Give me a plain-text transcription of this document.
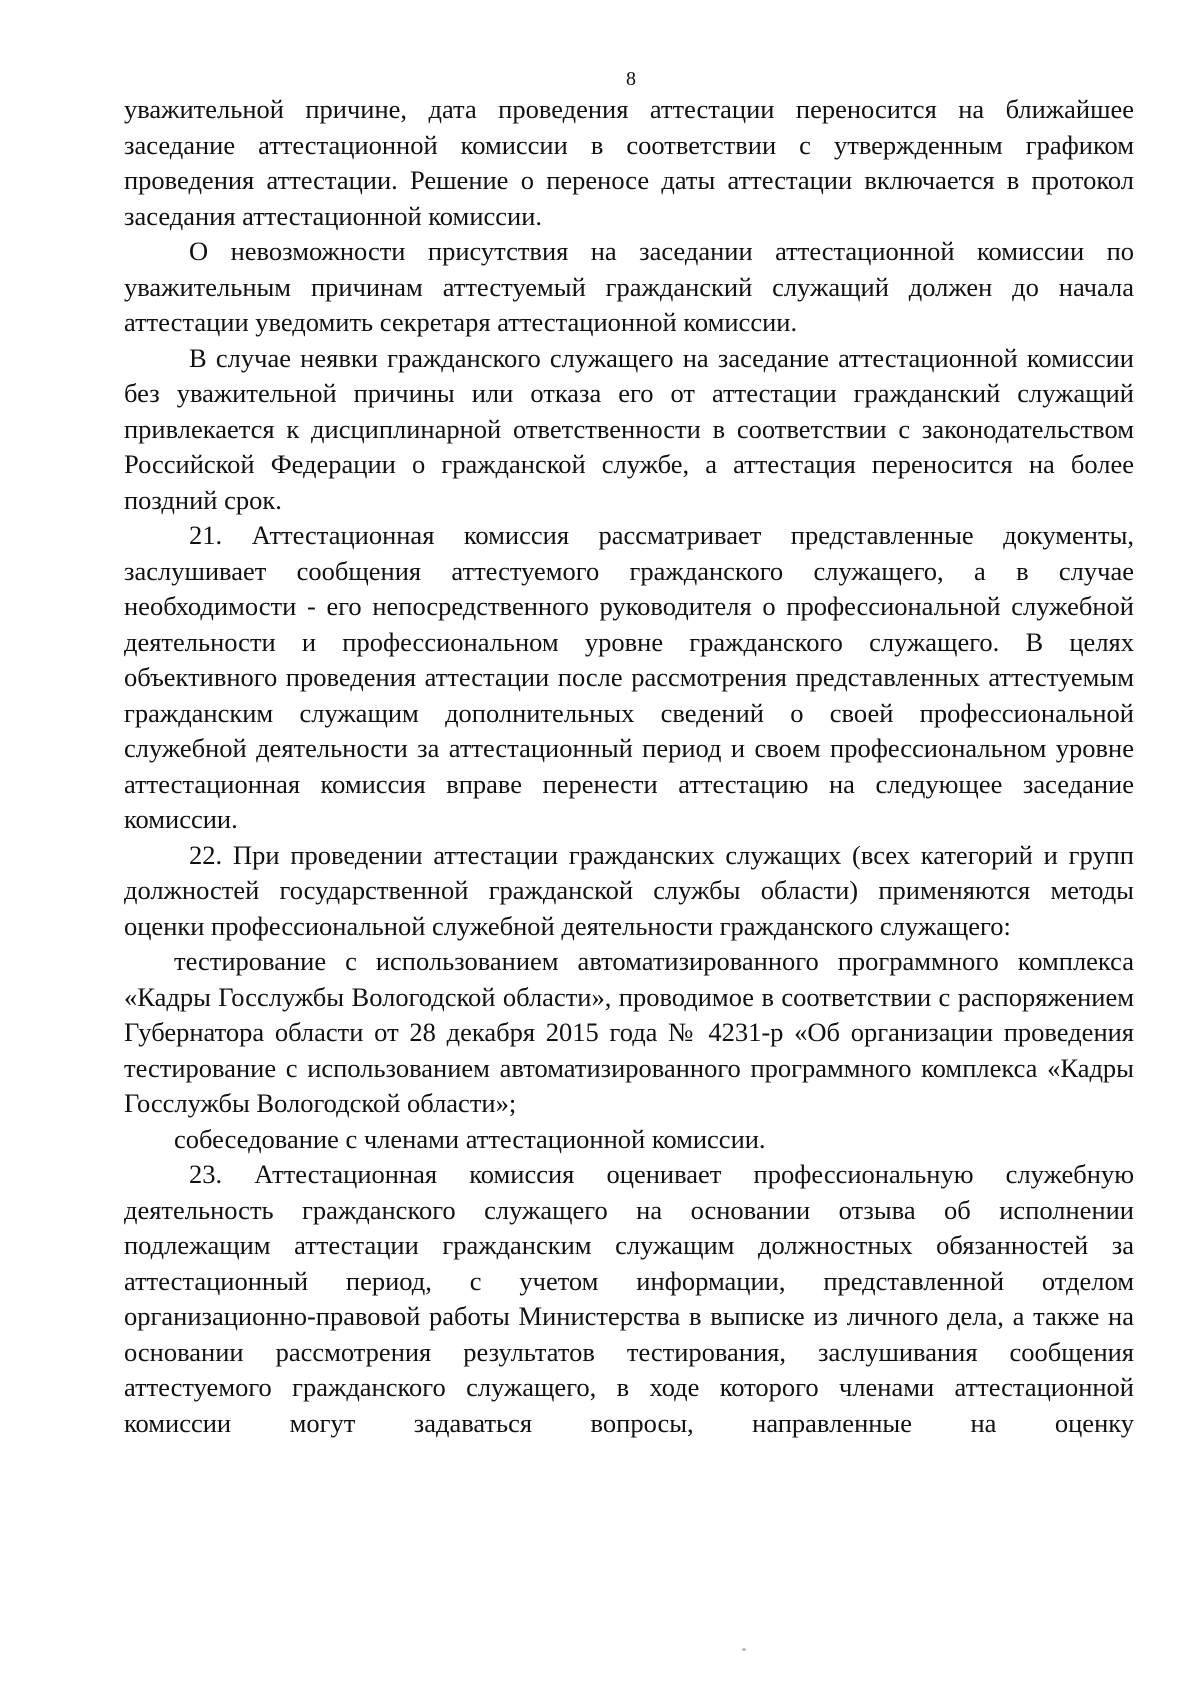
8

уважительной причине, дата проведения аттестации переносится на ближайшее заседание аттестационной комиссии в соответствии с утвержденным графиком проведения аттестации. Решение о переносе даты аттестации включается в протокол заседания аттестационной комиссии.

О невозможности присутствия на заседании аттестационной комиссии по уважительным причинам аттестуемый гражданский служащий должен до начала аттестации уведомить секретаря аттестационной комиссии.

В случае неявки гражданского служащего на заседание аттестационной комиссии без уважительной причины или отказа его от аттестации гражданский служащий привлекается к дисциплинарной ответственности в соответствии с законодательством Российской Федерации о гражданской службе, а аттестация переносится на более поздний срок.

21. Аттестационная комиссия рассматривает представленные документы, заслушивает сообщения аттестуемого гражданского служащего, а в случае необходимости - его непосредственного руководителя о профессиональной служебной деятельности и профессиональном уровне гражданского служащего. В целях объективного проведения аттестации после рассмотрения представленных аттестуемым гражданским служащим дополнительных сведений о своей профессиональной служебной деятельности за аттестационный период и своем профессиональном уровне аттестационная комиссия вправе перенести аттестацию на следующее заседание комиссии.

22. При проведении аттестации гражданских служащих (всех категорий и групп должностей государственной гражданской службы области) применяются методы оценки профессиональной служебной деятельности гражданского служащего:

тестирование с использованием автоматизированного программного комплекса «Кадры Госслужбы Вологодской области», проводимое в соответствии с распоряжением Губернатора области от 28 декабря 2015 года № 4231-р «Об организации проведения тестирование с использованием автоматизированного программного комплекса «Кадры Госслужбы Вологодской области»;

собеседование с членами аттестационной комиссии.

23. Аттестационная комиссия оценивает профессиональную служебную деятельность гражданского служащего на основании отзыва об исполнении подлежащим аттестации гражданским служащим должностных обязанностей за аттестационный период, с учетом информации, представленной отделом организационно-правовой работы Министерства в выписке из личного дела, а также на основании рассмотрения результатов тестирования, заслушивания сообщения аттестуемого гражданского служащего, в ходе которого членами аттестационной комиссии могут задаваться вопросы, направленные на оценку
